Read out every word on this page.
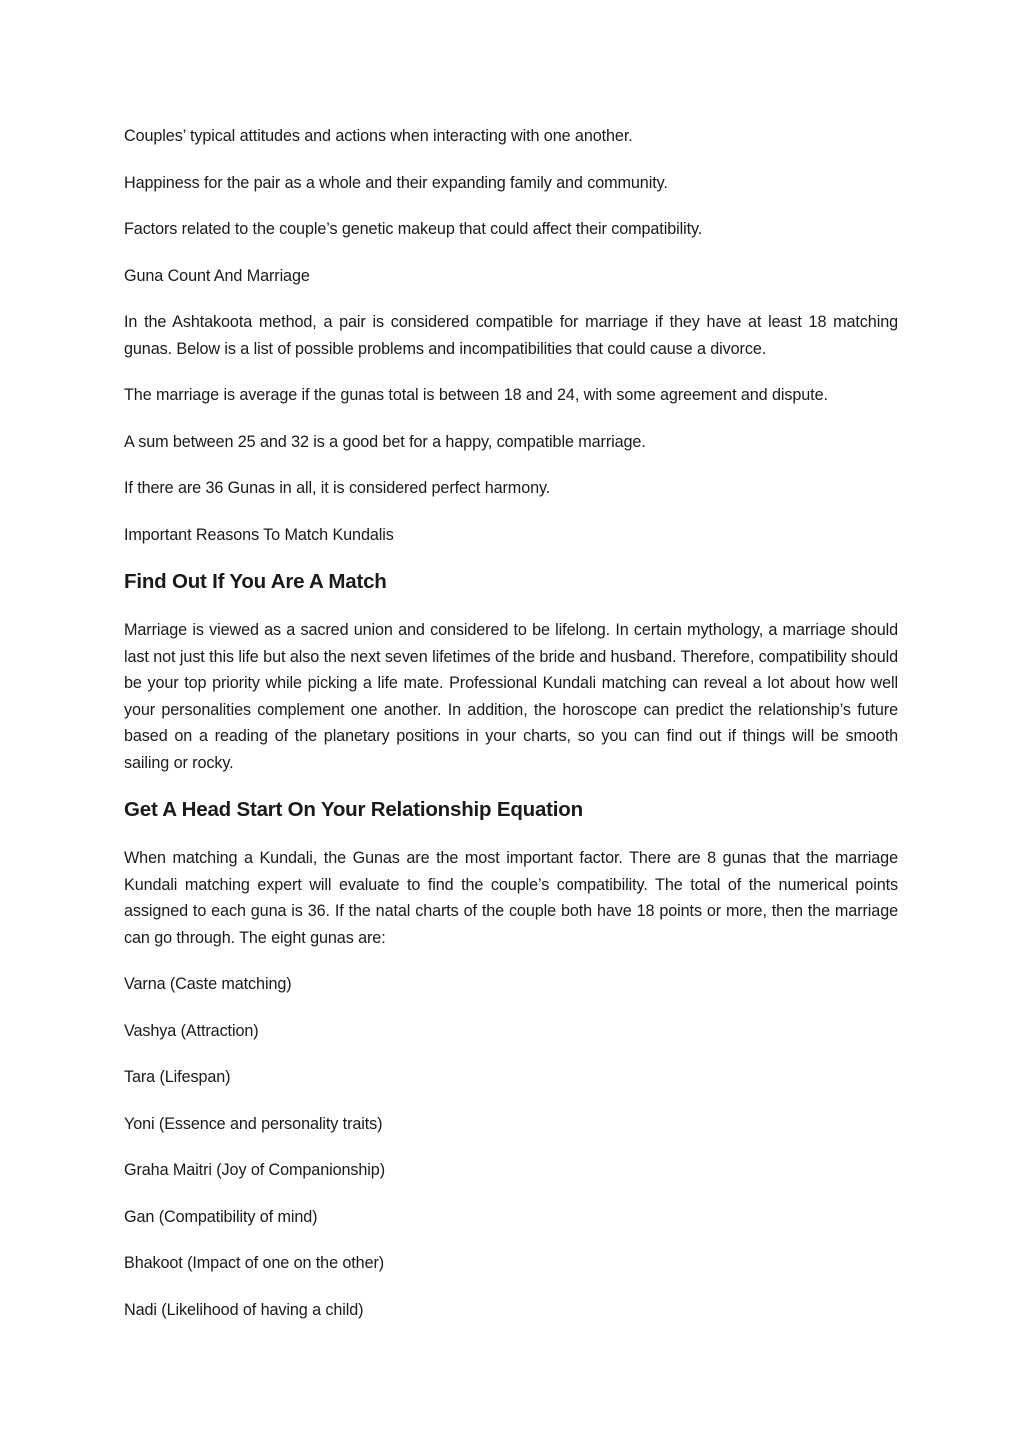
Couples’ typical attitudes and actions when interacting with one another.

Happiness for the pair as a whole and their expanding family and community.

Factors related to the couple’s genetic makeup that could affect their compatibility.

Guna Count And Marriage

In the Ashtakoota method, a pair is considered compatible for marriage if they have at least 18 matching gunas. Below is a list of possible problems and incompatibilities that could cause a divorce.

The marriage is average if the gunas total is between 18 and 24, with some agreement and dispute.

A sum between 25 and 32 is a good bet for a happy, compatible marriage.

If there are 36 Gunas in all, it is considered perfect harmony.

Important Reasons To Match Kundalis

Find Out If You Are A Match

Marriage is viewed as a sacred union and considered to be lifelong. In certain mythology, a marriage should last not just this life but also the next seven lifetimes of the bride and husband. Therefore, compatibility should be your top priority while picking a life mate. Professional Kundali matching can reveal a lot about how well your personalities complement one another. In addition, the horoscope can predict the relationship’s future based on a reading of the planetary positions in your charts, so you can find out if things will be smooth sailing or rocky.

Get A Head Start On Your Relationship Equation

When matching a Kundali, the Gunas are the most important factor. There are 8 gunas that the marriage Kundali matching expert will evaluate to find the couple’s compatibility. The total of the numerical points assigned to each guna is 36. If the natal charts of the couple both have 18 points or more, then the marriage can go through. The eight gunas are:

Varna (Caste matching)

Vashya (Attraction)

Tara (Lifespan)

Yoni (Essence and personality traits)

Graha Maitri (Joy of Companionship)

Gan (Compatibility of mind)

Bhakoot (Impact of one on the other)

Nadi (Likelihood of having a child)
